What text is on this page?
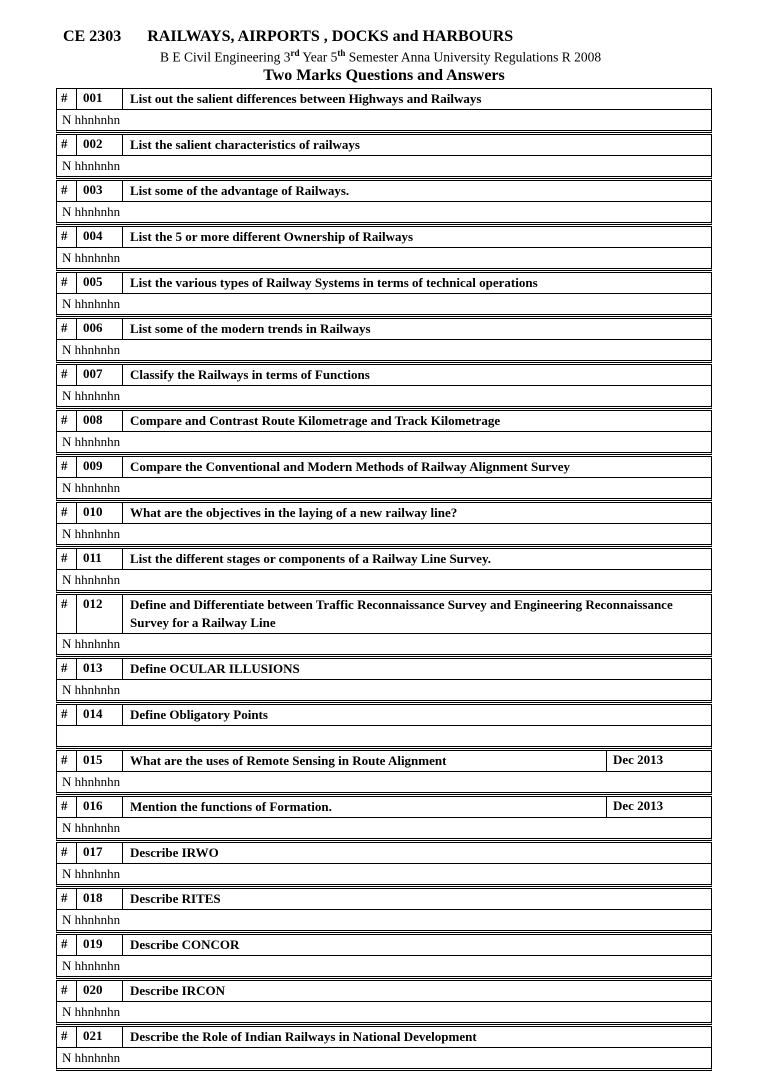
CE 2303 RAILWAYS, AIRPORTS , DOCKS and HARBOURS
B E Civil Engineering 3rd Year 5th Semester Anna University Regulations R 2008
Two Marks Questions and Answers
#	001	List out the salient differences between Highways and Railways
N hhnhnhn
#	002	List the salient characteristics of railways
N hhnhnhn
#	003	List some of the advantage of Railways.
N hhnhnhn
#	004	List the 5 or more different Ownership of Railways
N hhnhnhn
#	005	List the various types of Railway Systems in terms of technical operations
N hhnhnhn
#	006	List some of the modern trends in Railways
N hhnhnhn
#	007	Classify the Railways in terms of Functions
N hhnhnhn
#	008	Compare and Contrast Route Kilometrage and Track Kilometrage
N hhnhnhn
#	009	Compare the Conventional and Modern Methods of Railway Alignment Survey
N hhnhnhn
#	010	What are the objectives in the laying of a new railway line?
N hhnhnhn
#	011	List the different stages or components of a Railway Line Survey.
N hhnhnhn
#	012	Define and Differentiate between Traffic Reconnaissance Survey and Engineering Reconnaissance Survey for a Railway Line
N hhnhnhn
#	013	Define OCULAR ILLUSIONS
N hhnhnhn
#	014	Define Obligatory Points
#	015	What are the uses of Remote Sensing in Route Alignment	Dec 2013
N hhnhnhn
#	016	Mention the functions of Formation.	Dec 2013
N hhnhnhn
#	017	Describe IRWO
N hhnhnhn
#	018	Describe RITES
N hhnhnhn
#	019	Describe CONCOR
N hhnhnhn
#	020	Describe IRCON
N hhnhnhn
#	021	Describe the Role of Indian Railways in National Development
N hhnhnhn
